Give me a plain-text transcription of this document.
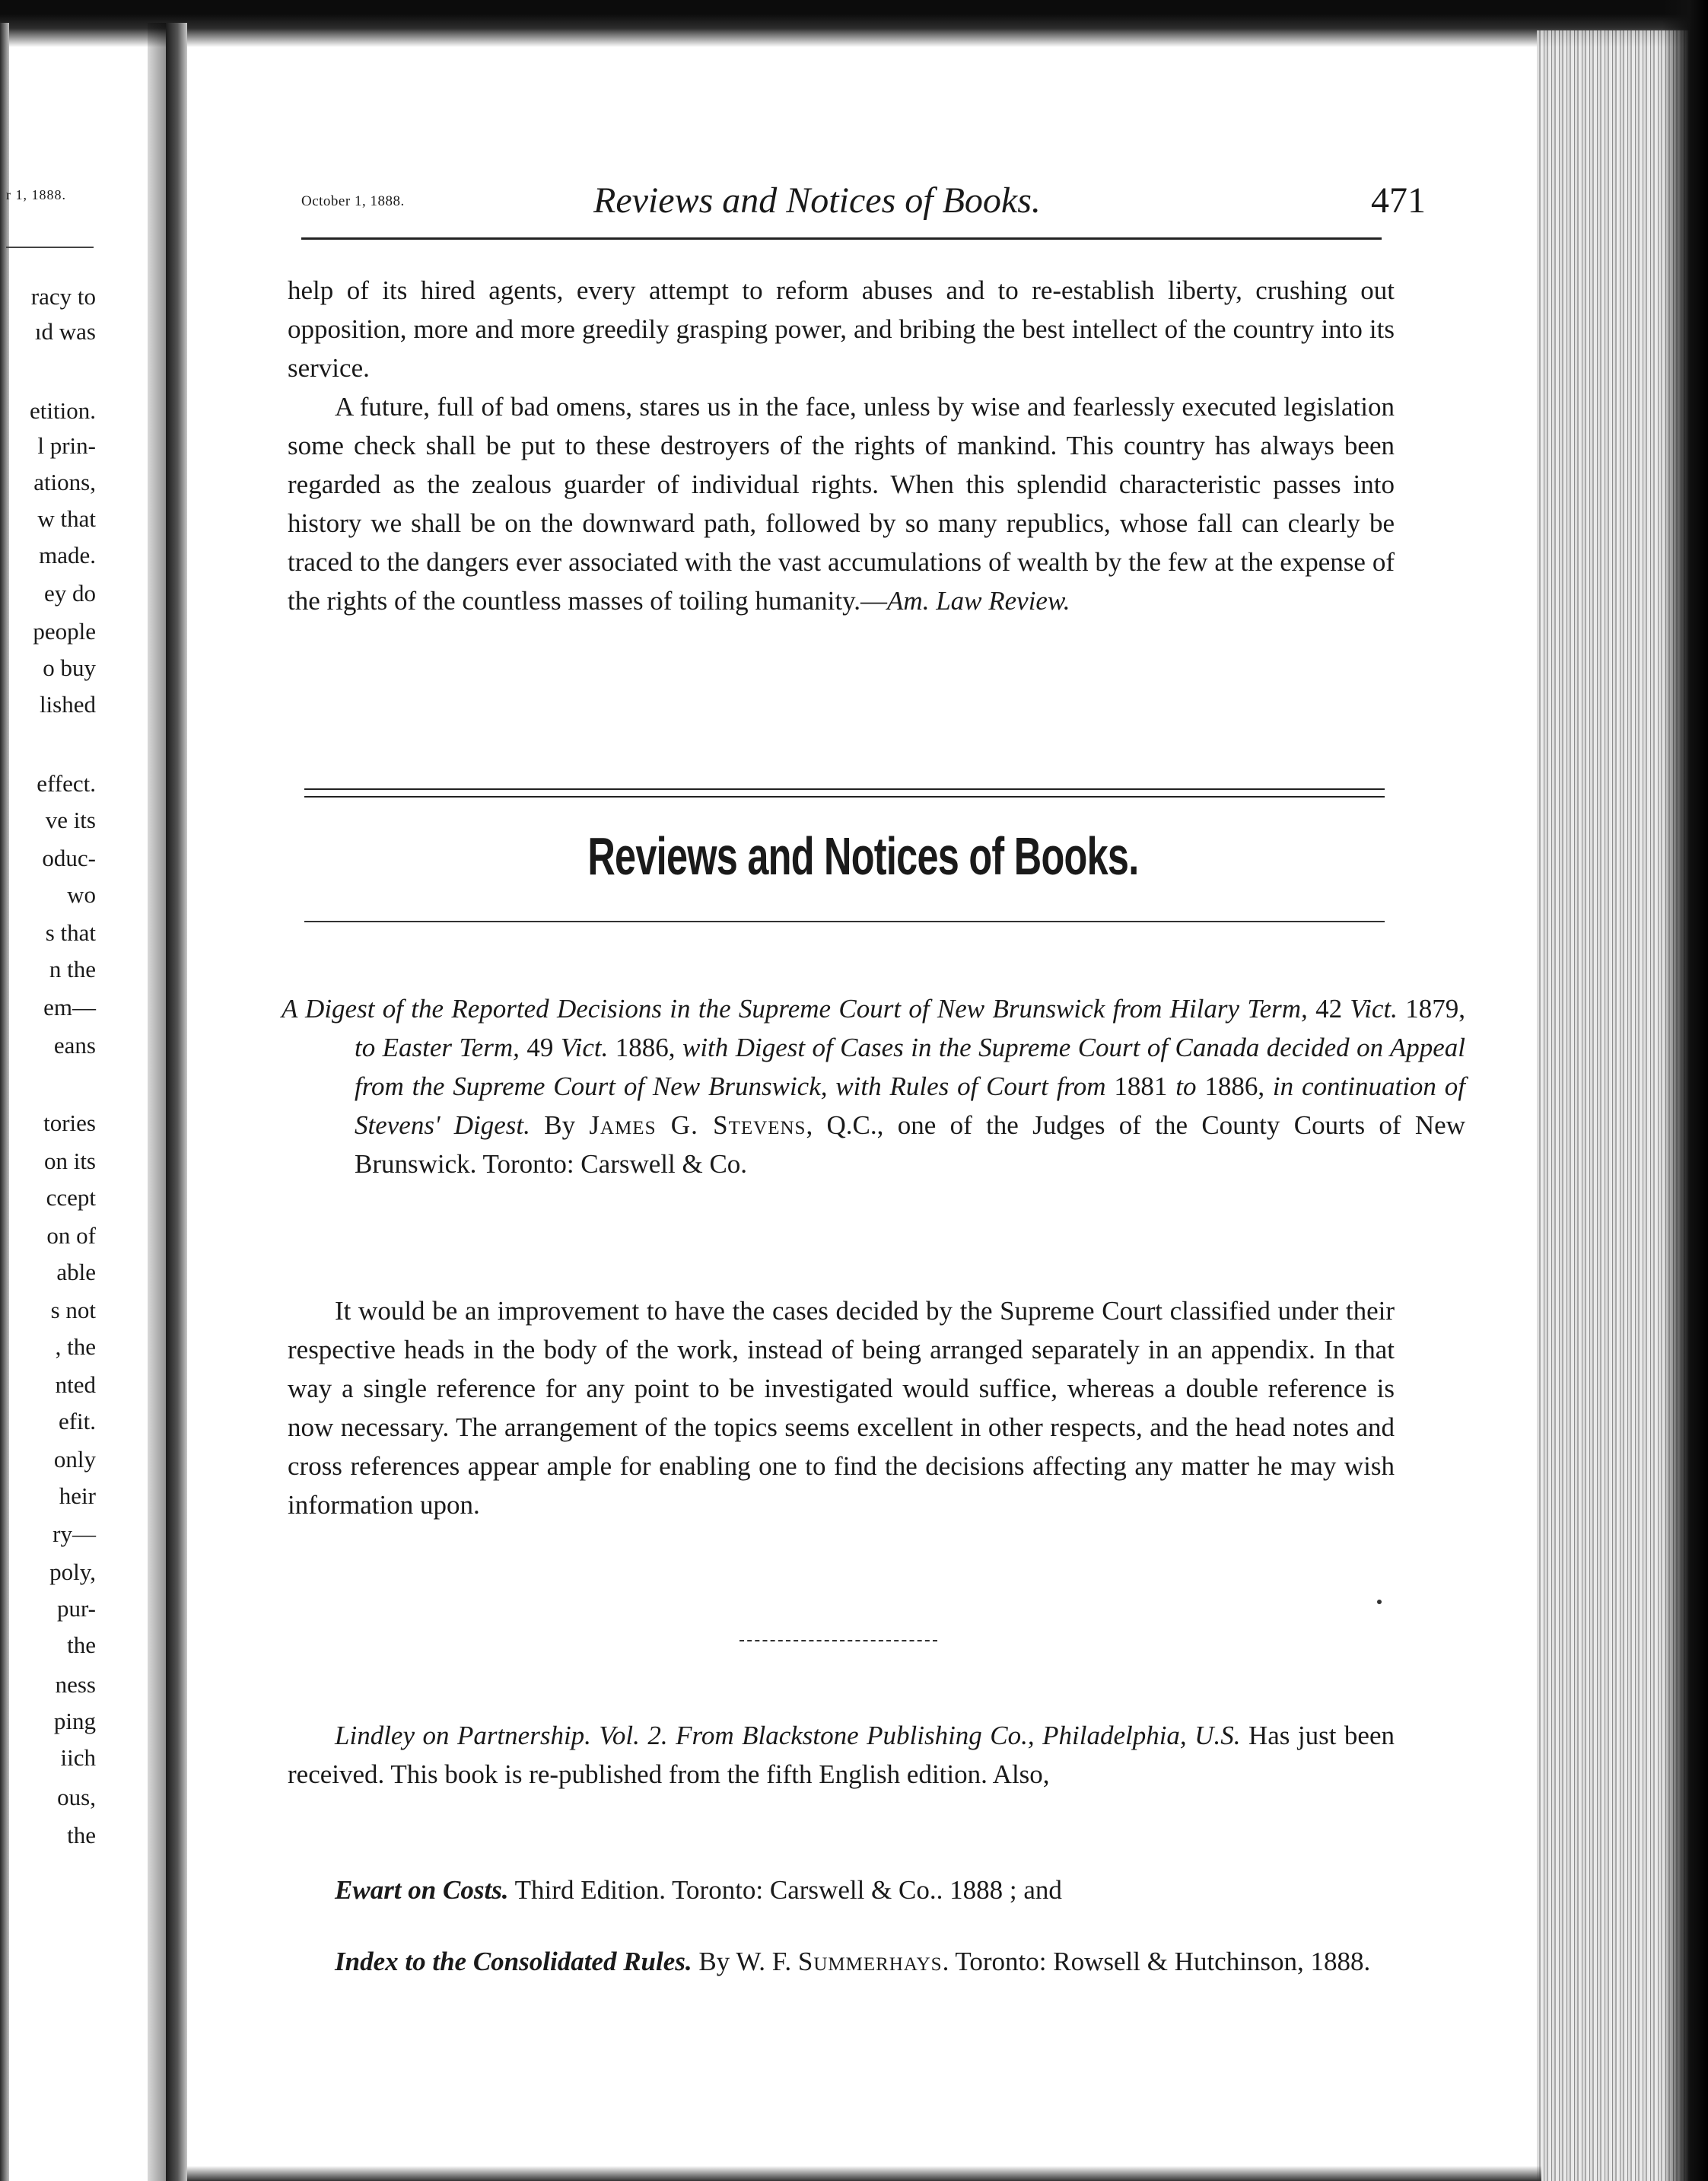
r 1, 1888.
racy to
ıd was
etition.
l prin-
ations,
w that
made.
ey do
people
o buy
lished
effect.
ve its
oduc-
wo
s that
n the
em—
eans
tories
on its
ccept
on of
able
s not
, the
nted
efit.
only
heir
ry—
poly,
pur-
the
ness
ping
iich
ous,
the
October 1, 1888.	Reviews and Notices of Books.	471

help of its hired agents, every attempt to reform abuses and to re-establish liberty, crushing out opposition, more and more greedily grasping power, and bribing the best intellect of the country into its service.

A future, full of bad omens, stares us in the face, unless by wise and fearlessly executed legislation some check shall be put to these destroyers of the rights of mankind. This country has always been regarded as the zealous guarder of individual rights. When this splendid characteristic passes into history we shall be on the downward path, followed by so many republics, whose fall can clearly be traced to the dangers ever associated with the vast accumulations of wealth by the few at the expense of the rights of the countless masses of toiling humanity.—Am. Law Review.

Reviews and Notices of Books.

A Digest of the Reported Decisions in the Supreme Court of New Brunswick from Hilary Term, 42 Vict. 1879, to Easter Term, 49 Vict. 1886, with Digest of Cases in the Supreme Court of Canada decided on Appeal from the Supreme Court of New Brunswick, with Rules of Court from 1881 to 1886, in continuation of Stevens' Digest. By James G. Stevens, Q.C., one of the Judges of the County Courts of New Brunswick. Toronto: Carswell & Co.

It would be an improvement to have the cases decided by the Supreme Court classified under their respective heads in the body of the work, instead of being arranged separately in an appendix. In that way a single reference for any point to be investigated would suffice, whereas a double reference is now necessary. The arrangement of the topics seems excellent in other respects, and the head notes and cross references appear ample for enabling one to find the decisions affecting any matter he may wish information upon.

Lindley on Partnership. Vol. 2. From Blackstone Publishing Co., Philadelphia, U.S. Has just been received. This book is re-published from the fifth English edition. Also,

Ewart on Costs. Third Edition. Toronto: Carswell & Co.. 1888 ; and

Index to the Consolidated Rules. By W. F. Summerhays. Toronto: Rowsell & Hutchinson, 1888.
